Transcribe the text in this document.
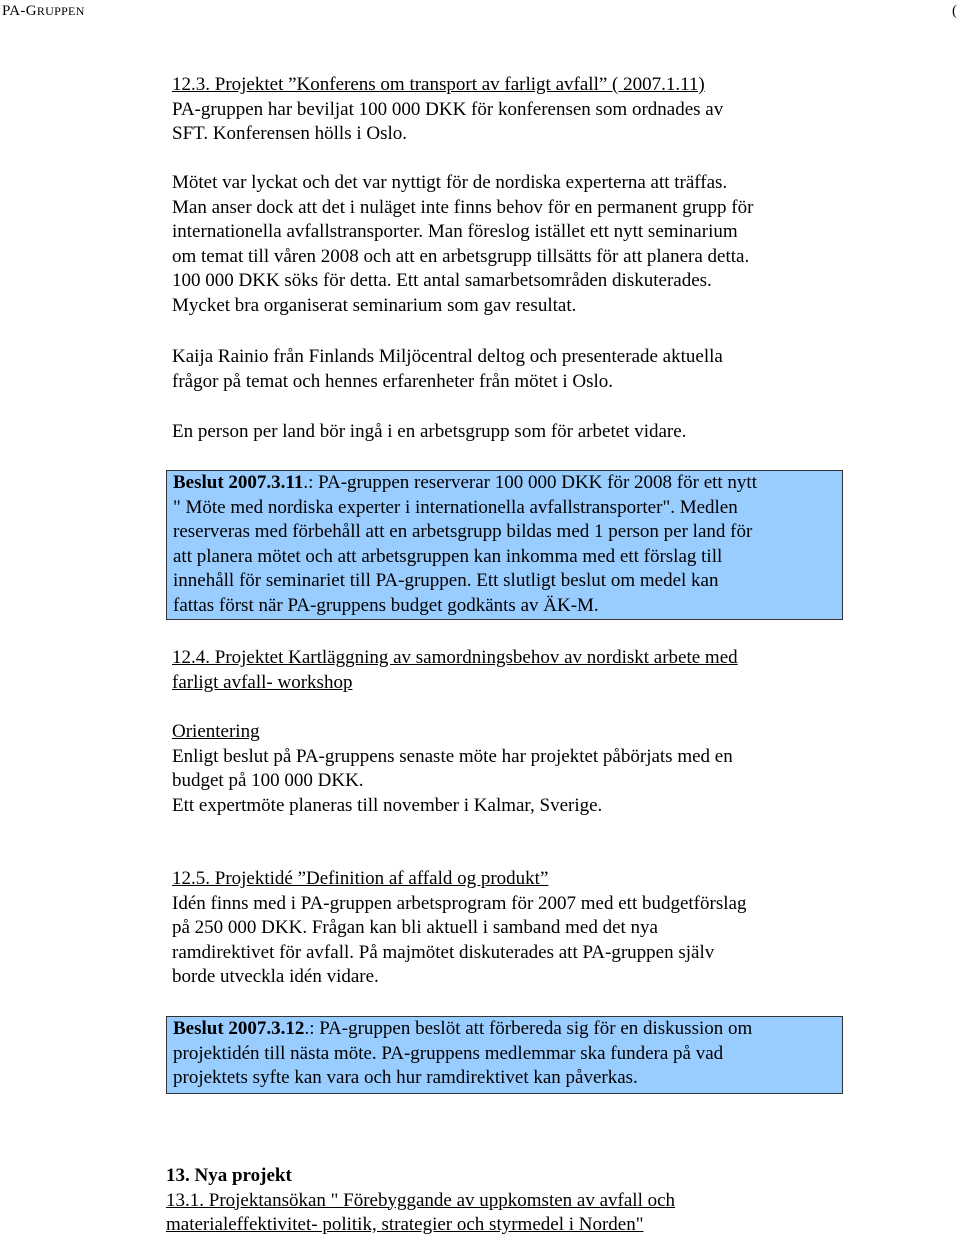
PA-GRUPPEN	(
12.3. Projektet ”Konferens om transport av farligt avfall” ( 2007.1.11)
PA-gruppen har beviljat 100 000 DKK för konferensen som ordnades av
SFT. Konferensen hölls i Oslo.
Mötet var lyckat och det var nyttigt för de nordiska experterna att träffas.
Man anser dock att det i nuläget inte finns behov för en permanent grupp för
internationella avfallstransporter. Man föreslog istället ett nytt seminarium
om temat till våren 2008 och att en arbetsgrupp tillsätts för att planera detta.
100 000 DKK söks för detta. Ett antal samarbetsområden diskuterades.
Mycket bra organiserat seminarium som gav resultat.
Kaija Rainio från Finlands Miljöcentral deltog och presenterade aktuella
frågor på temat och hennes erfarenheter från mötet i Oslo.
En person per land bör ingå i en arbetsgrupp som för arbetet vidare.
Beslut 2007.3.11.: PA-gruppen reserverar 100 000 DKK för 2008 för ett nytt
" Möte med nordiska experter i internationella avfallstransporter". Medlen
reserveras med förbehåll att en arbetsgrupp bildas med 1 person per land för
att planera mötet och att arbetsgruppen kan inkomma med ett förslag till
innehåll för seminariet till PA-gruppen. Ett slutligt beslut om medel kan
fattas först när PA-gruppens budget godkänts av ÄK-M.
12.4. Projektet Kartläggning av samordningsbehov av nordiskt arbete med
farligt avfall- workshop
Orientering
Enligt beslut på PA-gruppens senaste möte har projektet påbörjats med en
budget på 100 000 DKK.
Ett expertmöte planeras till november i Kalmar, Sverige.
12.5. Projektidé ”Definition af affald og produkt”
Idén finns med i PA-gruppen arbetsprogram för 2007 med ett budgetförslag
på 250 000 DKK. Frågan kan bli aktuell i samband med det nya
ramdirektivet för avfall. På majmötet diskuterades att PA-gruppen själv
borde utveckla idén vidare.
Beslut 2007.3.12.: PA-gruppen beslöt att förbereda sig för en diskussion om
projektidén till nästa möte. PA-gruppens medlemmar ska fundera på vad
projektets syfte kan vara och hur ramdirektivet kan påverkas.
13. Nya projekt
13.1. Projektansökan " Förebyggande av uppkomsten av avfall och
materialeffektivitet- politik, strategier och styrmedel i Norden"
